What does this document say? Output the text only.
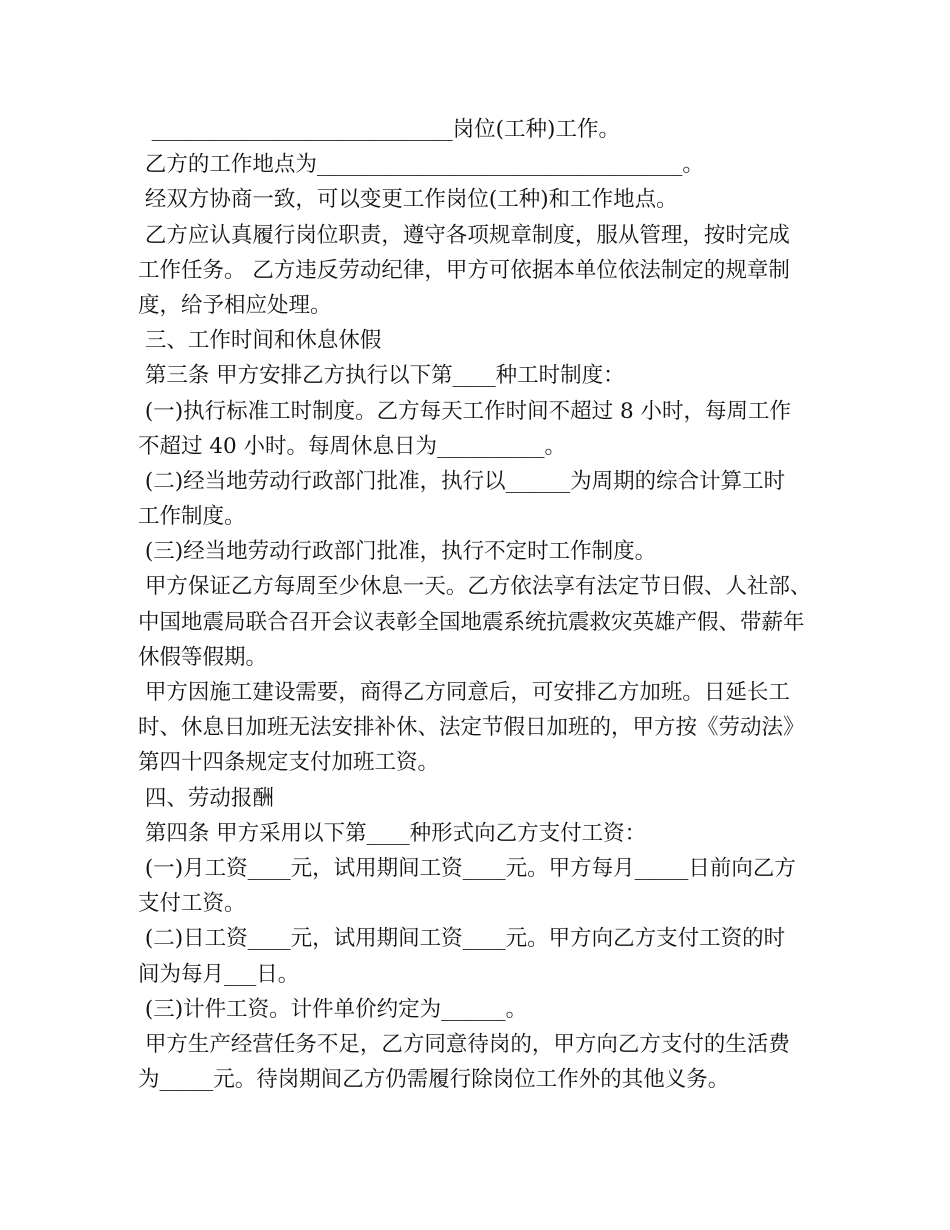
____________________________岗位(工种)工作。
乙方的工作地点为__________________________________。
经双方协商一致，可以变更工作岗位(工种)和工作地点。
乙方应认真履行岗位职责，遵守各项规章制度，服从管理，按时完成
工作任务。 乙方违反劳动纪律，甲方可依据本单位依法制定的规章制
度，给予相应处理。
三、工作时间和休息休假
第三条 甲方安排乙方执行以下第____种工时制度：
(一)执行标准工时制度。乙方每天工作时间不超过 8 小时，每周工作
不超过 40 小时。每周休息日为__________。
(二)经当地劳动行政部门批准，执行以______为周期的综合计算工时
工作制度。
(三)经当地劳动行政部门批准，执行不定时工作制度。
甲方保证乙方每周至少休息一天。乙方依法享有法定节日假、人社部、
中国地震局联合召开会议表彰全国地震系统抗震救灾英雄产假、带薪年
休假等假期。
甲方因施工建设需要，商得乙方同意后，可安排乙方加班。日延长工
时、休息日加班无法安排补休、法定节假日加班的，甲方按《劳动法》
第四十四条规定支付加班工资。
四、劳动报酬
第四条 甲方采用以下第____种形式向乙方支付工资：
(一)月工资____元，试用期间工资____元。甲方每月_____日前向乙方
支付工资。
(二)日工资____元，试用期间工资____元。甲方向乙方支付工资的时
间为每月___日。
(三)计件工资。计件单价约定为______。
甲方生产经营任务不足，乙方同意待岗的，甲方向乙方支付的生活费
为_____元。待岗期间乙方仍需履行除岗位工作外的其他义务。
